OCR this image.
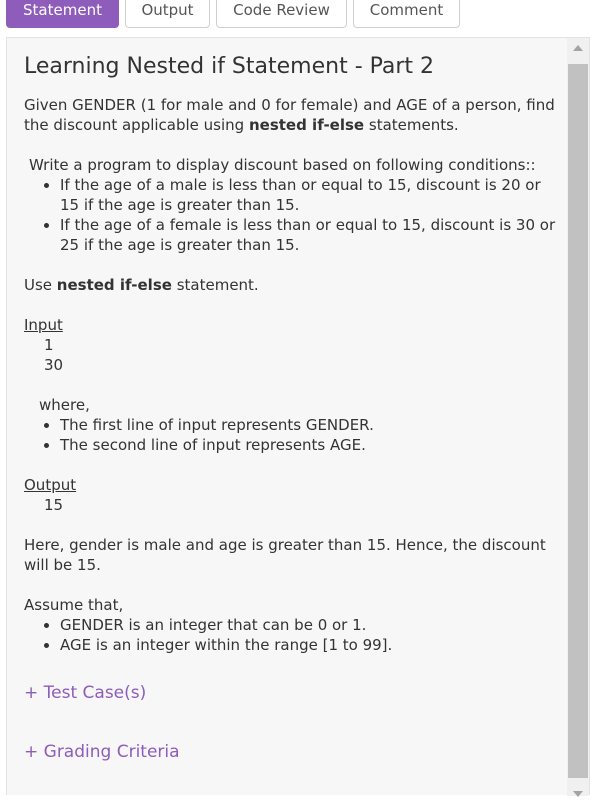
Statement	Output	Code Review	Comment
Learning Nested if Statement - Part 2

Given GENDER (1 for male and 0 for female) and AGE of a person, find the discount applicable using nested if-else statements.

Write a program to display discount based on following conditions::

• If the age of a male is less than or equal to 15, discount is 20 or 15 if the age is greater than 15.
• If the age of a female is less than or equal to 15, discount is 30 or 25 if the age is greater than 15.

Use nested if-else statement.

Input

1

30

where,

• The first line of input represents GENDER.
• The second line of input represents AGE.

Output

15

Here, gender is male and age is greater than 15. Hence, the discount will be 15.

Assume that,

• GENDER is an integer that can be 0 or 1.
• AGE is an integer within the range [1 to 99].
+ Test Case(s)
+ Grading Criteria
